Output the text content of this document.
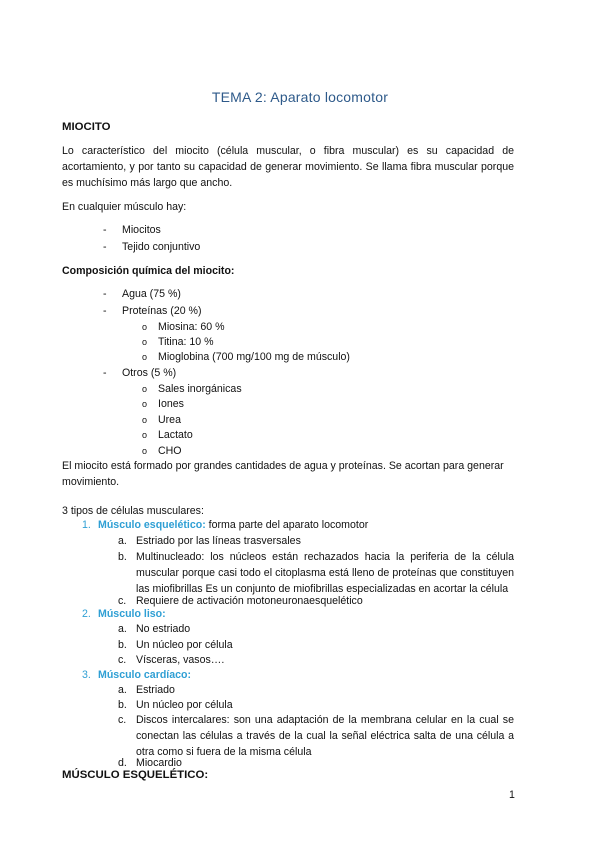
TEMA 2: Aparato locomotor
MIOCITO
Lo característico del miocito (célula muscular, o fibra muscular) es su capacidad de acortamiento, y por tanto su capacidad de generar movimiento. Se llama fibra muscular porque es muchísimo más largo que ancho.
En cualquier músculo hay:
- Miocitos
- Tejido conjuntivo
Composición química del miocito:
- Agua (75 %)
- Proteínas (20 %)
o Miosina: 60 %
o Titina: 10 %
o Mioglobina (700 mg/100 mg de músculo)
- Otros (5 %)
o Sales inorgánicas
o Iones
o Urea
o Lactato
o CHO
El miocito está formado por grandes cantidades de agua y proteínas. Se acortan para generar movimiento.
3 tipos de células musculares:
1. Músculo esquelético: forma parte del aparato locomotor
a. Estriado por las líneas trasversales
b. Multinucleado: los núcleos están rechazados hacia la periferia de la célula muscular porque casi todo el citoplasma está lleno de proteínas que constituyen las miofibrillas Es un conjunto de miofibrillas especializadas en acortar la célula
c. Requiere de activación motoneuronaesquelético
2. Músculo liso:
a. No estriado
b. Un núcleo por célula
c. Vísceras, vasos….
3. Músculo cardíaco:
a. Estriado
b. Un núcleo por célula
c. Discos intercalares: son una adaptación de la membrana celular en la cual se conectan las células a través de la cual la señal eléctrica salta de una célula a otra como si fuera de la misma célula
d. Miocardio
MÚSCULO ESQUELÉTICO:
1
